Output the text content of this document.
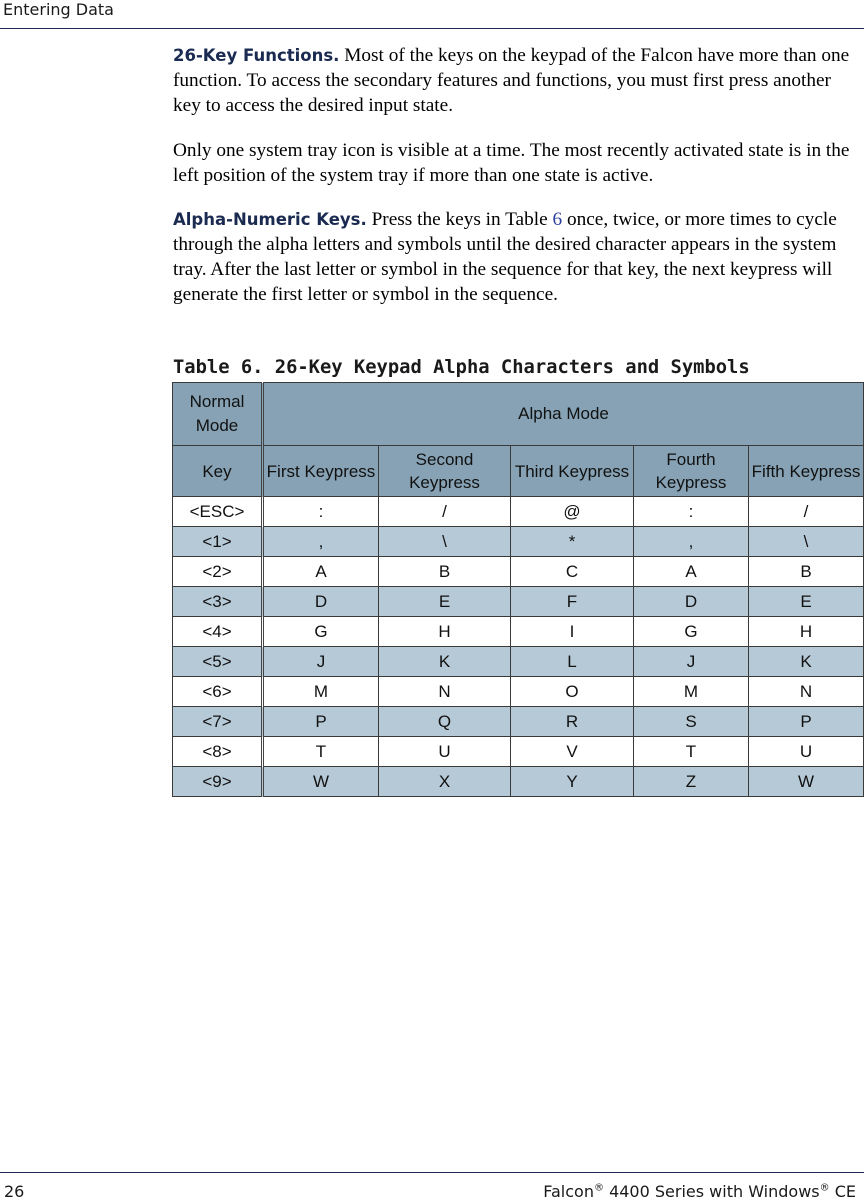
Entering Data

26-Key Functions. Most of the keys on the keypad of the Falcon have more than one function. To access the secondary features and functions, you must first press another key to access the desired input state.

Only one system tray icon is visible at a time. The most recently activated state is in the left position of the system tray if more than one state is active.

Alpha-Numeric Keys. Press the keys in Table 6 once, twice, or more times to cycle through the alpha letters and symbols until the desired character appears in the system tray. After the last letter or symbol in the sequence for that key, the next keypress will generate the first letter or symbol in the sequence.

Table 6. 26-Key Keypad Alpha Characters and Symbols
Normal Mode	Alpha Mode				
Key	First Keypress	Second Keypress	Third Keypress	Fourth Keypress	Fifth Keypress
<ESC>	:	/	@	:	/
<1>	,	\	*	,	\
<2>	A	B	C	A	B
<3>	D	E	F	D	E
<4>	G	H	I	G	H
<5>	J	K	L	J	K
<6>	M	N	O	M	N
<7>	P	Q	R	S	P
<8>	T	U	V	T	U
<9>	W	X	Y	Z	W
26	Falcon® 4400 Series with Windows® CE
